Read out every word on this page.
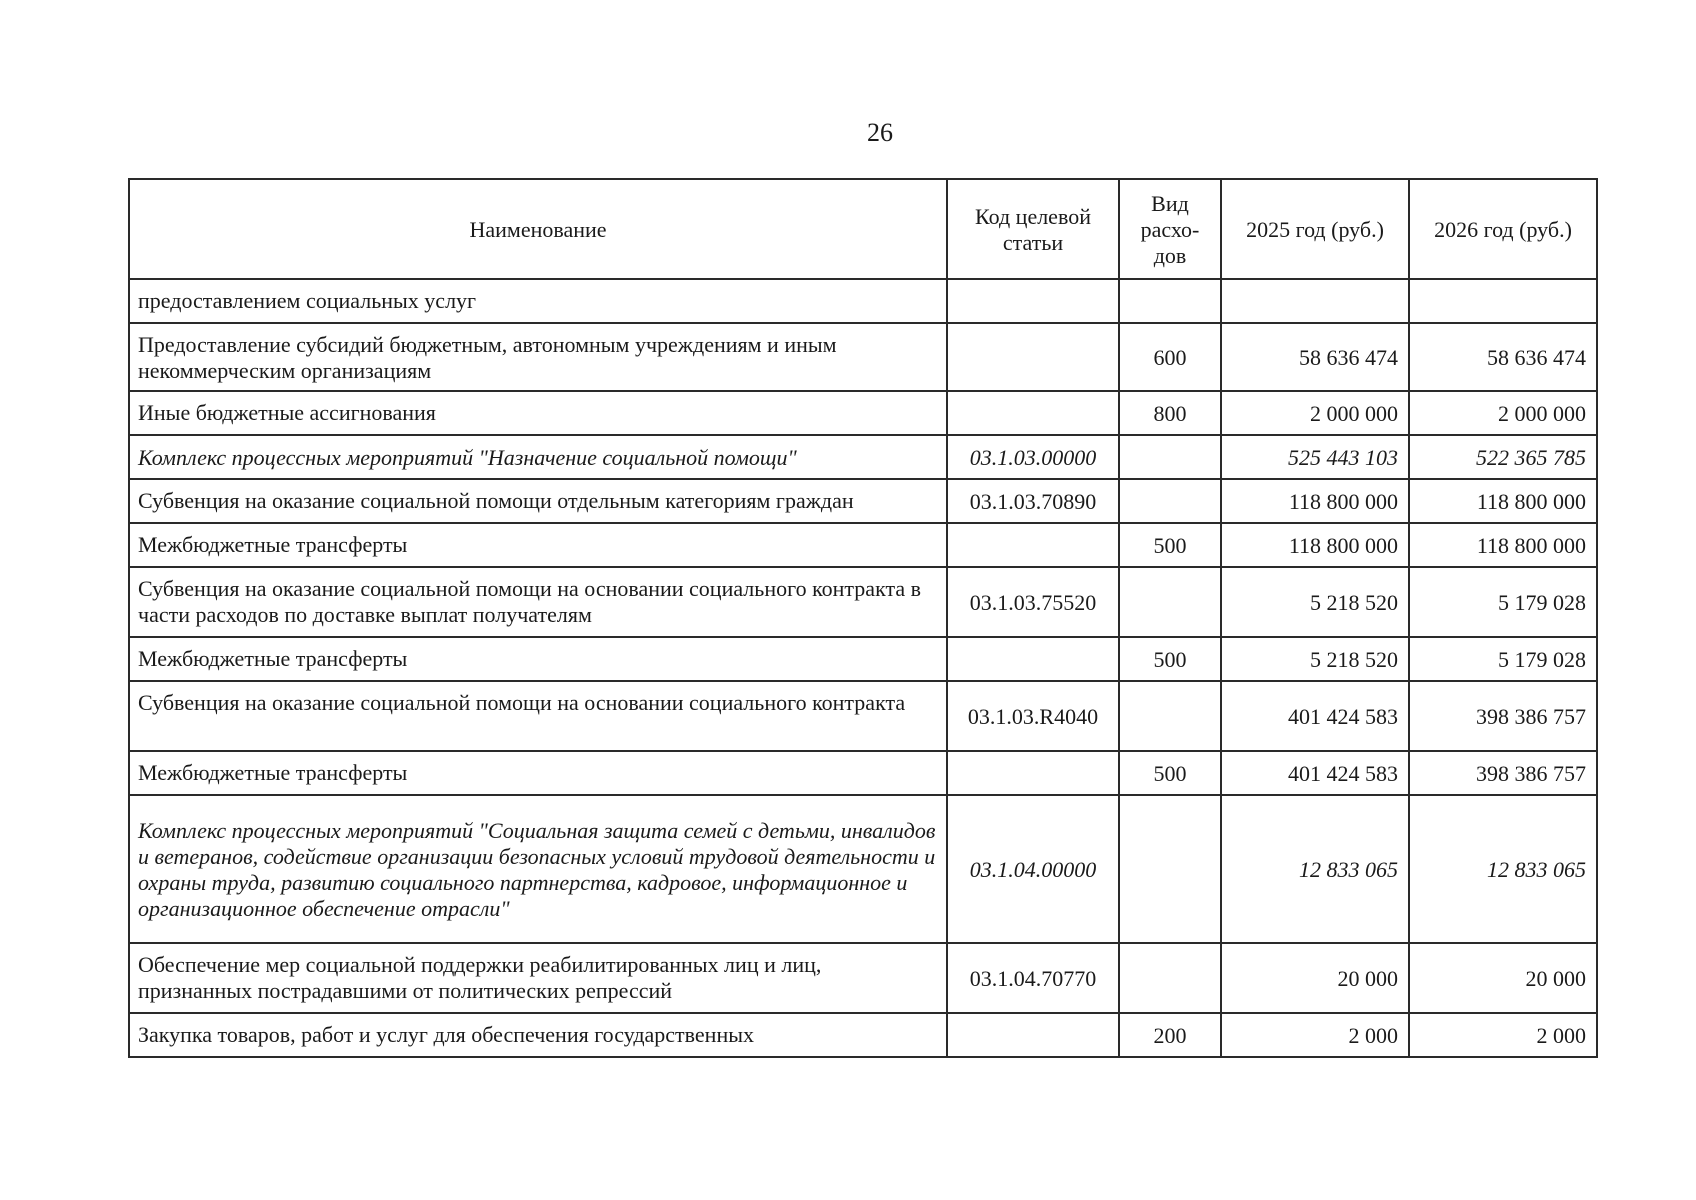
26
Наименование	Код целевой статьи	Вид расхо-дов	2025 год (руб.)	2026 год (руб.)
предоставлением социальных услуг				
Предоставление субсидий бюджетным, автономным учреждениям и иным некоммерческим организациям		600	58 636 474	58 636 474
Иные бюджетные ассигнования		800	2 000 000	2 000 000
Комплекс процессных мероприятий "Назначение социальной помощи"	03.1.03.00000		525 443 103	522 365 785
Субвенция на оказание социальной помощи отдельным категориям граждан	03.1.03.70890		118 800 000	118 800 000
Межбюджетные трансферты		500	118 800 000	118 800 000
Субвенция на оказание социальной помощи на основании социального контракта в части расходов по доставке выплат получателям	03.1.03.75520		5 218 520	5 179 028
Межбюджетные трансферты		500	5 218 520	5 179 028
Субвенция на оказание социальной помощи на основании социального контракта	03.1.03.R4040		401 424 583	398 386 757
Межбюджетные трансферты		500	401 424 583	398 386 757
Комплекс процессных мероприятий "Социальная защита семей с детьми, инвалидов и ветеранов, содействие организации безопасных условий трудовой деятельности и охраны труда, развитию социального партнерства, кадровое, информационное и организационное обеспечение отрасли"	03.1.04.00000		12 833 065	12 833 065
Обеспечение мер социальной поддержки реабилитированных лиц и лиц, признанных пострадавшими от политических репрессий	03.1.04.70770		20 000	20 000
Закупка товаров, работ и услуг для обеспечения государственных		200	2 000	2 000
